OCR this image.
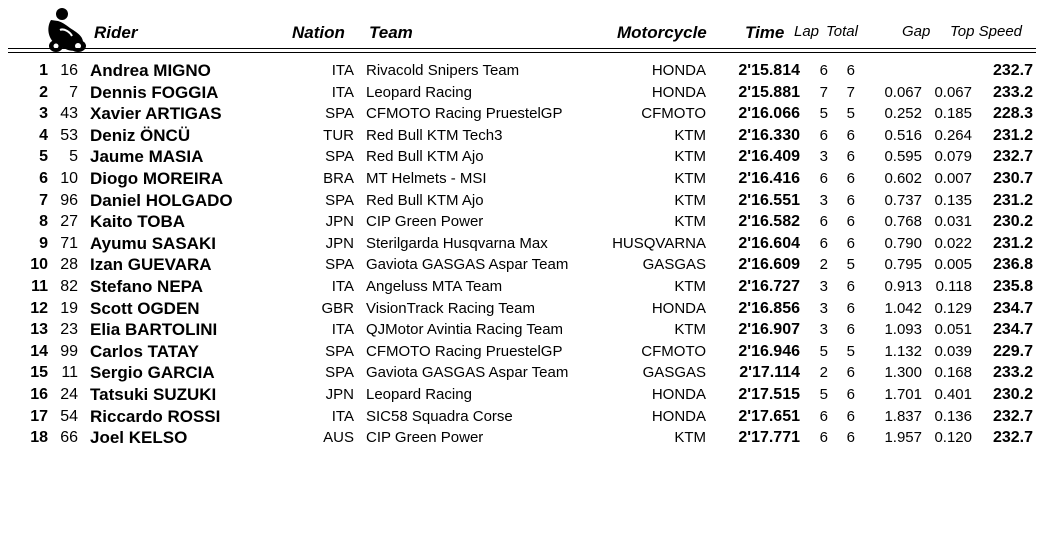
Rider	Nation Team	Motorcycle Time Lap Total	Gap Top Speed
1 16 Andrea MIGNO	ITA Rivacold Snipers Team	HONDA 2'15.814 6 6	232.7
2 7 Dennis FOGGIA	ITA Leopard Racing	HONDA 2'15.881 7 7 0.067 0.067 233.2
3 43 Xavier ARTIGAS	SPA CFMOTO Racing PruestelGP	CFMOTO 2'16.066 5 5 0.252 0.185 228.3
4 53 Deniz ÖNCÜ	TUR Red Bull KTM Tech3	KTM 2'16.330 6 6 0.516 0.264 231.2
5 5 Jaume MASIA	SPA Red Bull KTM Ajo	KTM 2'16.409 3 6 0.595 0.079 232.7
6 10 Diogo MOREIRA	BRA MT Helmets - MSI	KTM 2'16.416 6 6 0.602 0.007 230.7
7 96 Daniel HOLGADO	SPA Red Bull KTM Ajo	KTM 2'16.551 3 6 0.737 0.135 231.2
8 27 Kaito TOBA	JPN CIP Green Power	KTM 2'16.582 6 6 0.768 0.031 230.2
9 71 Ayumu SASAKI	JPN Sterilgarda Husqvarna Max	HUSQVARNA 2'16.604 6 6 0.790 0.022 231.2
10 28 Izan GUEVARA	SPA Gaviota GASGAS Aspar Team	GASGAS 2'16.609 2 5 0.795 0.005 236.8
11 82 Stefano NEPA	ITA Angeluss MTA Team	KTM 2'16.727 3 6 0.913 0.118 235.8
12 19 Scott OGDEN	GBR VisionTrack Racing Team	HONDA 2'16.856 3 6 1.042 0.129 234.7
13 23 Elia BARTOLINI	ITA QJMotor Avintia Racing Team	KTM 2'16.907 3 6 1.093 0.051 234.7
14 99 Carlos TATAY	SPA CFMOTO Racing PruestelGP	CFMOTO 2'16.946 5 5 1.132 0.039 229.7
15 11 Sergio GARCIA	SPA Gaviota GASGAS Aspar Team	GASGAS 2'17.114 2 6 1.300 0.168 233.2
16 24 Tatsuki SUZUKI	JPN Leopard Racing	HONDA 2'17.515 5 6 1.701 0.401 230.2
17 54 Riccardo ROSSI	ITA SIC58 Squadra Corse	HONDA 2'17.651 6 6 1.837 0.136 232.7
18 66 Joel KELSO	AUS CIP Green Power	KTM 2'17.771 6 6 1.957 0.120 232.7
